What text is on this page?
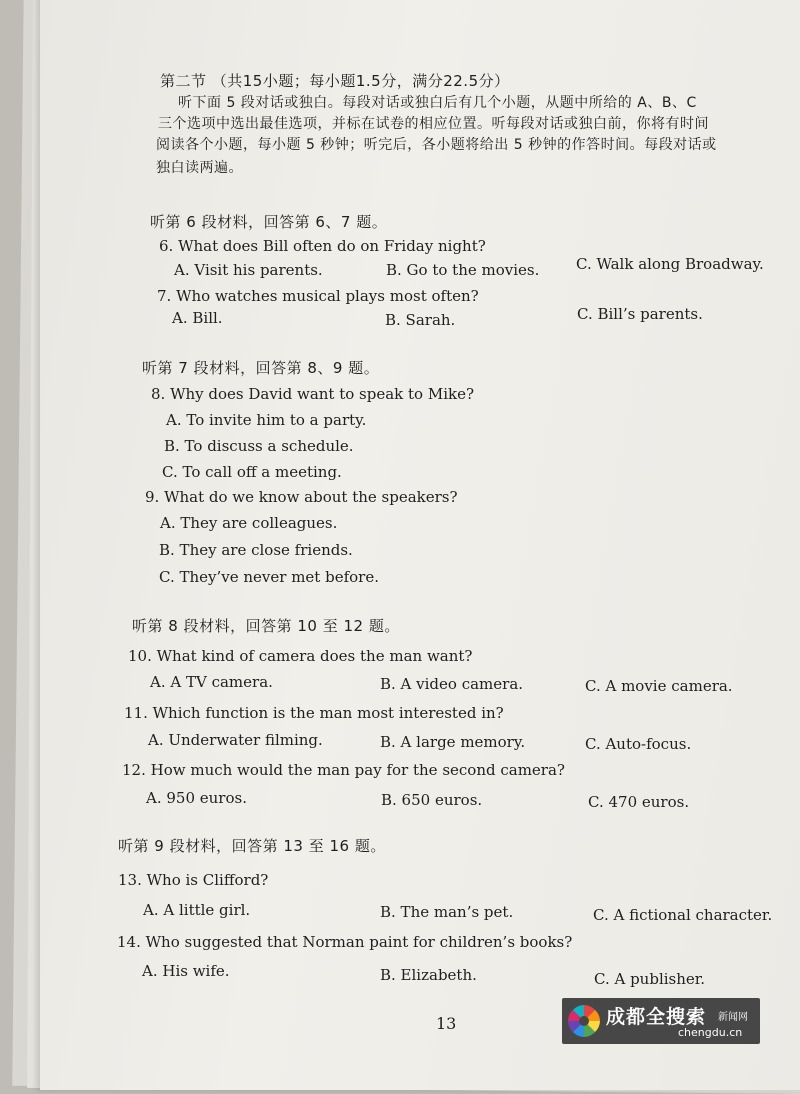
第二节 （共15小题；每小题1.5分，满分22.5分）
听下面 5 段对话或独白。每段对话或独白后有几个小题，从题中所给的 A、B、C
三个选项中选出最佳选项，并标在试卷的相应位置。听每段对话或独白前，你将有时间
阅读各个小题，每小题 5 秒钟；听完后，各小题将给出 5 秒钟的作答时间。每段对话或
独白读两遍。
听第 6 段材料，回答第 6、7 题。
6. What does Bill often do on Friday night?
A. Visit his parents.	B. Go to the movies. C. Walk along Broadway.
7. Who watches musical plays most often?
A. Bill.	B. Sarah.	C. Bill’s parents.
听第 7 段材料，回答第 8、9 题。
8. Why does David want to speak to Mike?
A. To invite him to a party.
B. To discuss a schedule.
C. To call off a meeting.
9. What do we know about the speakers?
A. They are colleagues.
B. They are close friends.
C. They’ve never met before.
听第 8 段材料，回答第 10 至 12 题。
10. What kind of camera does the man want?
A. A TV camera.	B. A video camera.	C. A movie camera.
11. Which function is the man most interested in?
A. Underwater filming.	B. A large memory.	C. Auto-focus.
12. How much would the man pay for the second camera?
A. 950 euros.	B. 650 euros.	C. 470 euros.
听第 9 段材料，回答第 13 至 16 题。
13. Who is Clifford?
A. A little girl.	B. The man’s pet.	C. A fictional character.
14. Who suggested that Norman paint for children’s books?
A. His wife.	B. Elizabeth.	C. A publisher.
13	成都全搜索 新闻网
chengdu.cn
